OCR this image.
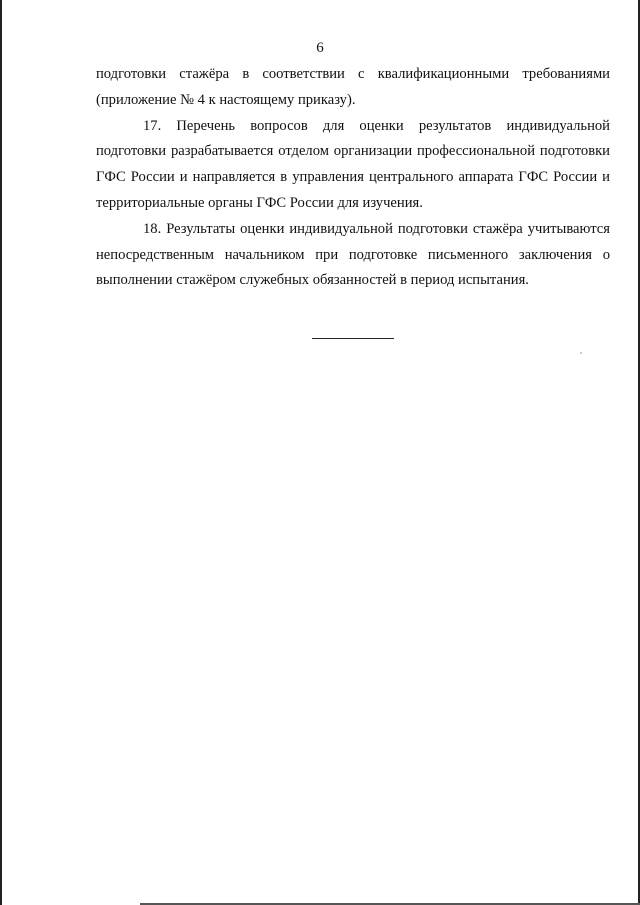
6

подготовки стажёра в соответствии с квалификационными требованиями (приложение № 4 к настоящему приказу).

17. Перечень вопросов для оценки результатов индивидуальной подготовки разрабатывается отделом организации профессиональной подготовки ГФС России и направляется в управления центрального аппарата ГФС России и территориальные органы ГФС России для изучения.

18. Результаты оценки индивидуальной подготовки стажёра учитываются непосредственным начальником при подготовке письменного заключения о выполнении стажёром служебных обязанностей в период испытания.
